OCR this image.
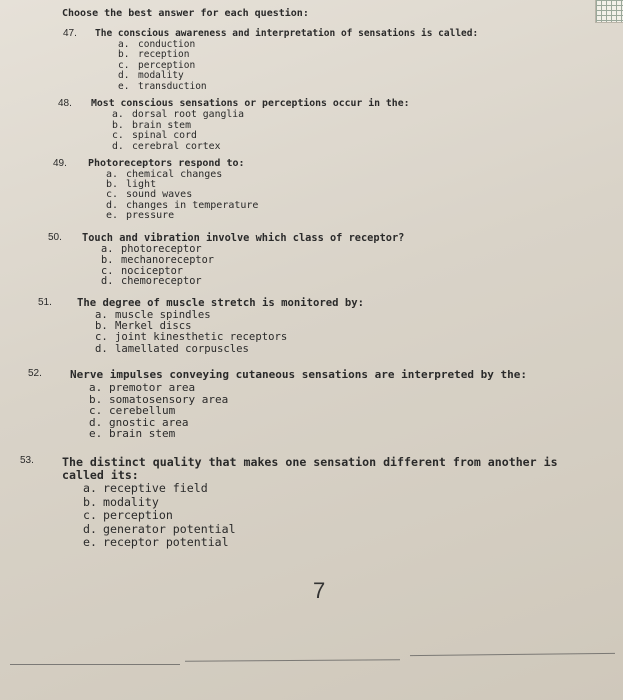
Choose the best answer for each question:
47. The conscious awareness and interpretation of sensations is called:
a. conduction
b. reception
c. perception
d. modality
e. transduction
48. Most conscious sensations or perceptions occur in the:
a. dorsal root ganglia
b. brain stem
c. spinal cord
d. cerebral cortex
49. Photoreceptors respond to:
a. chemical changes
b. light
c. sound waves
d. changes in temperature
e. pressure
50. Touch and vibration involve which class of receptor?
a. photoreceptor
b. mechanoreceptor
c. nociceptor
d. chemoreceptor
51. The degree of muscle stretch is monitored by:
a. muscle spindles
b. Merkel discs
c. joint kinesthetic receptors
d. lamellated corpuscles
52.	Nerve impulses conveying cutaneous sensations are interpreted by the:
a. premotor area
b. somatosensory area
c. cerebellum
d. gnostic area
e. brain stem
53. The distinct quality that makes one sensation different from another is
called its:
a. receptive field
b. modality
c. perception
d. generator potential
e. receptor potential
7
